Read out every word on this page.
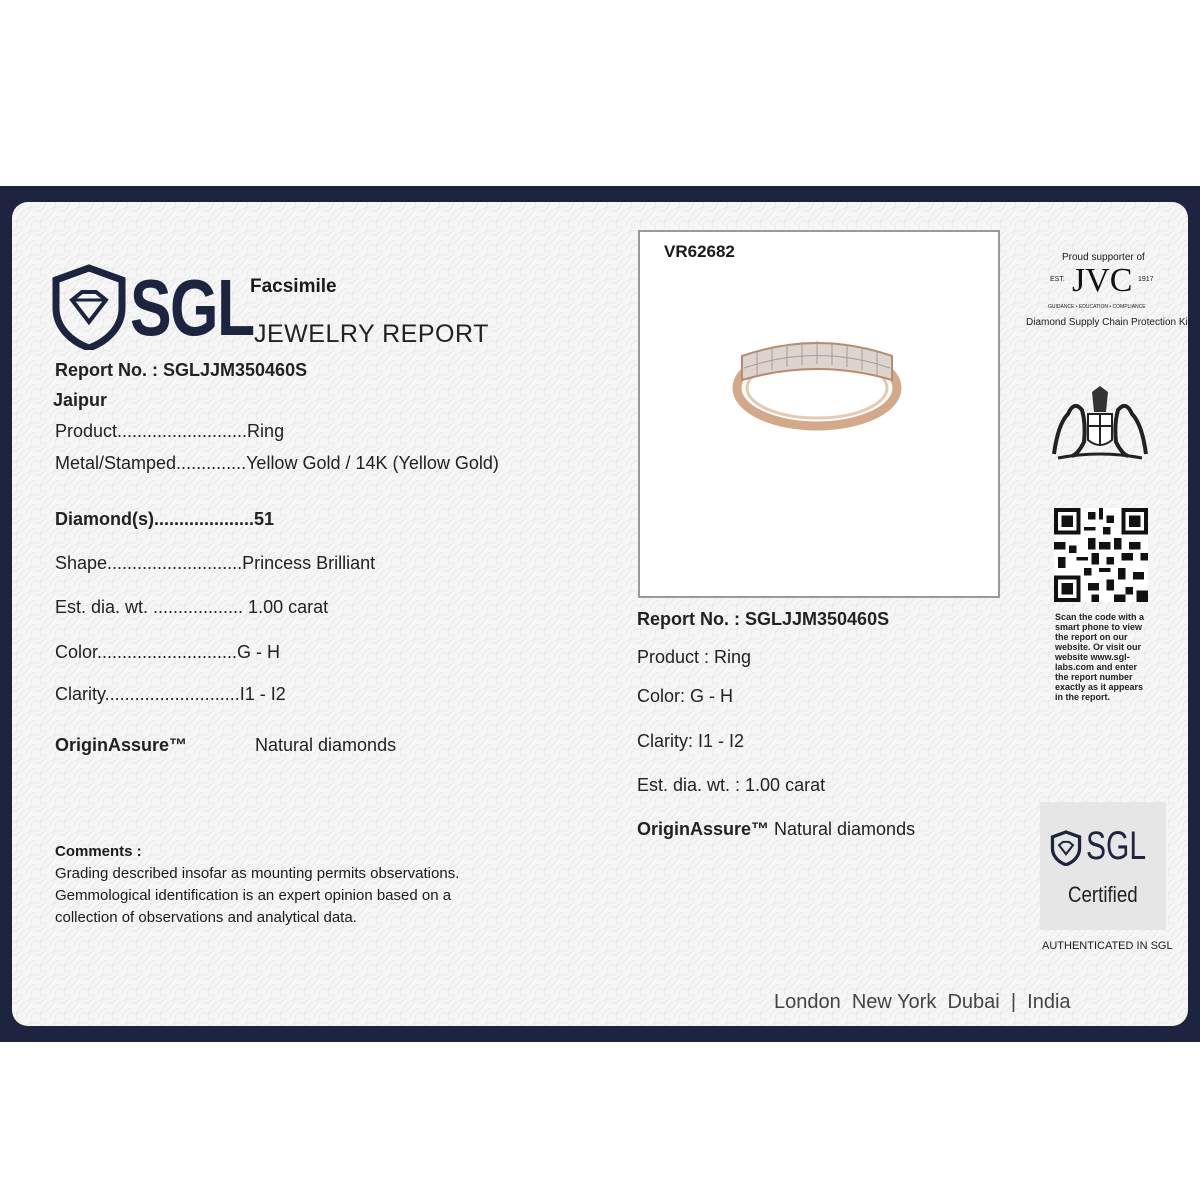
SGL
Facsimile
JEWELRY REPORT
Report No. : SGLJJM350460S
Jaipur
Product..........................Ring
Metal/Stamped..............Yellow Gold / 14K (Yellow Gold)
Diamond(s)....................51
Shape...........................Princess Brilliant
Est. dia. wt. .................. 1.00 carat
Color............................G - H
Clarity...........................I1 - I2
OriginAssure™	Natural diamonds
Comments :
Grading described insofar as mounting permits observations.
Gemmological identification is an expert opinion based on a
collection of observations and analytical data.
VR62682
Report No. : SGLJJM350460S
Product : Ring
Color: G - H
Clarity: I1 - I2
Est. dia. wt. : 1.00 carat
OriginAssure™ Natural diamonds
Proud supporter of
EST. JVC 1917
GUIDANCE • EDUCATION • COMPLIANCE
Diamond Supply Chain Protection Kit
Scan the code with a smart phone to view the report on our website. Or visit our website www.sgl-labs.com and enter the report number exactly as it appears in the report.
SGL
Certified
AUTHENTICATED IN SGL
London  New York  Dubai  |  India
